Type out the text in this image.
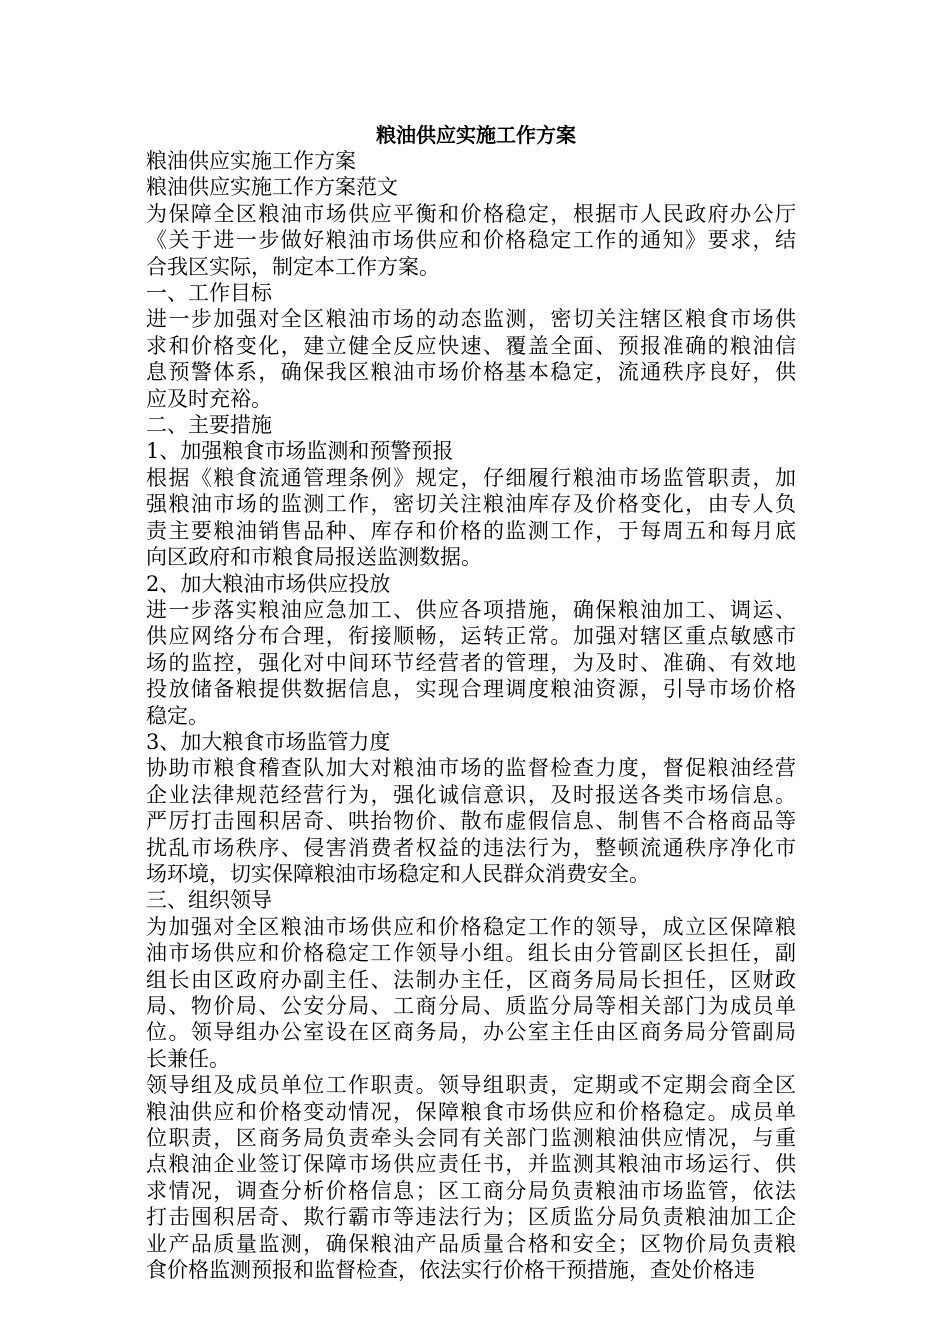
粮油供应实施工作方案
粮油供应实施工作方案
粮油供应实施工作方案范文
为保障全区粮油市场供应平衡和价格稳定，根据市人民政府办公厅
《关于进一步做好粮油市场供应和价格稳定工作的通知》要求，结
合我区实际，制定本工作方案。
一、工作目标
进一步加强对全区粮油市场的动态监测，密切关注辖区粮食市场供
求和价格变化，建立健全反应快速、覆盖全面、预报准确的粮油信
息预警体系，确保我区粮油市场价格基本稳定，流通秩序良好，供
应及时充裕。
二、主要措施
1、加强粮食市场监测和预警预报
根据《粮食流通管理条例》规定，仔细履行粮油市场监管职责，加
强粮油市场的监测工作，密切关注粮油库存及价格变化，由专人负
责主要粮油销售品种、库存和价格的监测工作，于每周五和每月底
向区政府和市粮食局报送监测数据。
2、加大粮油市场供应投放
进一步落实粮油应急加工、供应各项措施，确保粮油加工、调运、
供应网络分布合理，衔接顺畅，运转正常。加强对辖区重点敏感市
场的监控，强化对中间环节经营者的管理，为及时、准确、有效地
投放储备粮提供数据信息，实现合理调度粮油资源，引导市场价格
稳定。
3、加大粮食市场监管力度
协助市粮食稽查队加大对粮油市场的监督检查力度，督促粮油经营
企业法律规范经营行为，强化诚信意识，及时报送各类市场信息。
严厉打击囤积居奇、哄抬物价、散布虚假信息、制售不合格商品等
扰乱市场秩序、侵害消费者权益的违法行为，整顿流通秩序净化市
场环境，切实保障粮油市场稳定和人民群众消费安全。
三、组织领导
为加强对全区粮油市场供应和价格稳定工作的领导，成立区保障粮
油市场供应和价格稳定工作领导小组。组长由分管副区长担任，副
组长由区政府办副主任、法制办主任，区商务局局长担任，区财政
局、物价局、公安分局、工商分局、质监分局等相关部门为成员单
位。领导组办公室设在区商务局，办公室主任由区商务局分管副局
长兼任。
领导组及成员单位工作职责。领导组职责，定期或不定期会商全区
粮油供应和价格变动情况，保障粮食市场供应和价格稳定。成员单
位职责，区商务局负责牵头会同有关部门监测粮油供应情况，与重
点粮油企业签订保障市场供应责任书，并监测其粮油市场运行、供
求情况，调查分析价格信息；区工商分局负责粮油市场监管，依法
打击囤积居奇、欺行霸市等违法行为；区质监分局负责粮油加工企
业产品质量监测，确保粮油产品质量合格和安全；区物价局负责粮
食价格监测预报和监督检查，依法实行价格干预措施，查处价格违
